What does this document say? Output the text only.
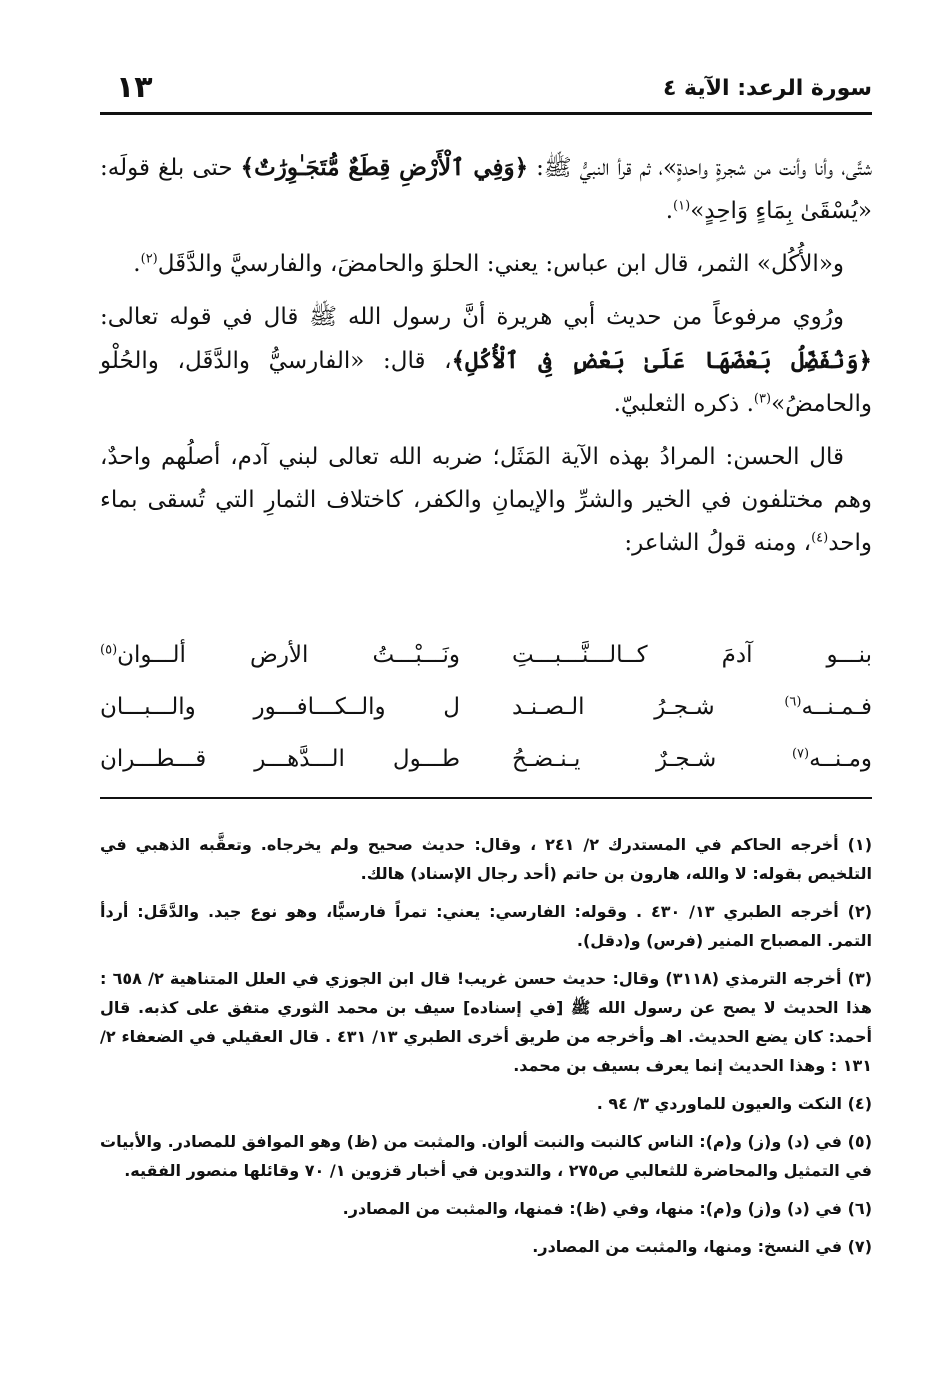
سورة الرعد: الآية ٤
١٣

شتَّى، وأنا وأنت من شجرةٍ واحدةٍ»، ثم قرأ النبيُّ ﷺ: ﴿وَفِي ٱلْأَرْضِ قِطَعٌ مُّتَجَـٰوِرَٰتٌ﴾ حتى بلغ قولَه: «يُسْقَىٰ بِمَاءٍ وَاحِدٍ»$^{(١)}$.

و«الأُكُل» الثمر، قال ابن عباس: يعني: الحلوَ والحامضَ، والفارسيَّ والدَّقَل$^{(٢)}$.

ورُوي مرفوعاً من حديث أبي هريرة أنَّ رسول الله ﷺ قال في قوله تعالى: ﴿وَنُفَضِّلُ بَعْضَهَا عَلَىٰ بَعْضٍ فِى ٱلْأُكُلِ﴾، قال: «الفارسيُّ والدَّقَل، والحُلْو والحامضُ»$^{(٣)}$. ذكره الثعلبيّ.

قال الحسن: المرادُ بهذه الآية المَثَل؛ ضربه الله تعالى لبني آدم، أصلُهم واحدٌ، وهم مختلفون في الخير والشرِّ والإيمانِ والكفر، كاختلاف الثمارِ التي تُسقى بماء واحد$^{(٤)}$، ومنه قولُ الشاعر:

بنـــو آدمَ كــالـــنَّـــبـــتِ
ونَـــبْـــتُ الأرض ألـــوان$^{(٥)}$
فـمـنــه$^{(٦)}$ شـجـرُ الـصـنـد
ل والــكـــافـــور والـــبـــان
ومـنــه$^{(٧)}$ شـجـرٌ يـنـضـحُ
طـــول الـــدَّهـــر قـــطـــران

(١) أخرجه الحاكم في المستدرك ٢/ ٢٤١ ، وقال: حديث صحيح ولم يخرجاه. وتعقَّبه الذهبي في التلخيص بقوله: لا والله، هارون بن حاتم (أحد رجال الإسناد) هالك.

(٢) أخرجه الطبري ١٣/ ٤٣٠ . وقوله: الفارسي: يعني: تمراً فارسيًّا، وهو نوع جيد. والدَّقَل: أردأ التمر. المصباح المنير (فرس) و(دقل).

(٣) أخرجه الترمذي (٣١١٨) وقال: حديث حسن غريب! قال ابن الجوزي في العلل المتناهية ٢/ ٦٥٨ : هذا الحديث لا يصح عن رسول الله ﷺ [في إسناده] سيف بن محمد الثوري متفق على كذبه. قال أحمد: كان يضع الحديث. اهـ وأخرجه من طريق أخرى الطبري ١٣/ ٤٣١ . قال العقيلي في الضعفاء ٢/ ١٣١ : وهذا الحديث إنما يعرف بسيف بن محمد.

(٤) النكت والعيون للماوردي ٣/ ٩٤ .

(٥) في (د) و(ز) و(م): الناس كالنبت والنبت ألوان. والمثبت من (ظ) وهو الموافق للمصادر. والأبيات في التمثيل والمحاضرة للثعالبي ص٢٧٥ ، والتدوين في أخبار قزوين ١/ ٧٠ وقائلها منصور الفقيه.

(٦) في (د) و(ز) و(م): منها، وفي (ظ): فمنها، والمثبت من المصادر.

(٧) في النسخ: ومنها، والمثبت من المصادر.
